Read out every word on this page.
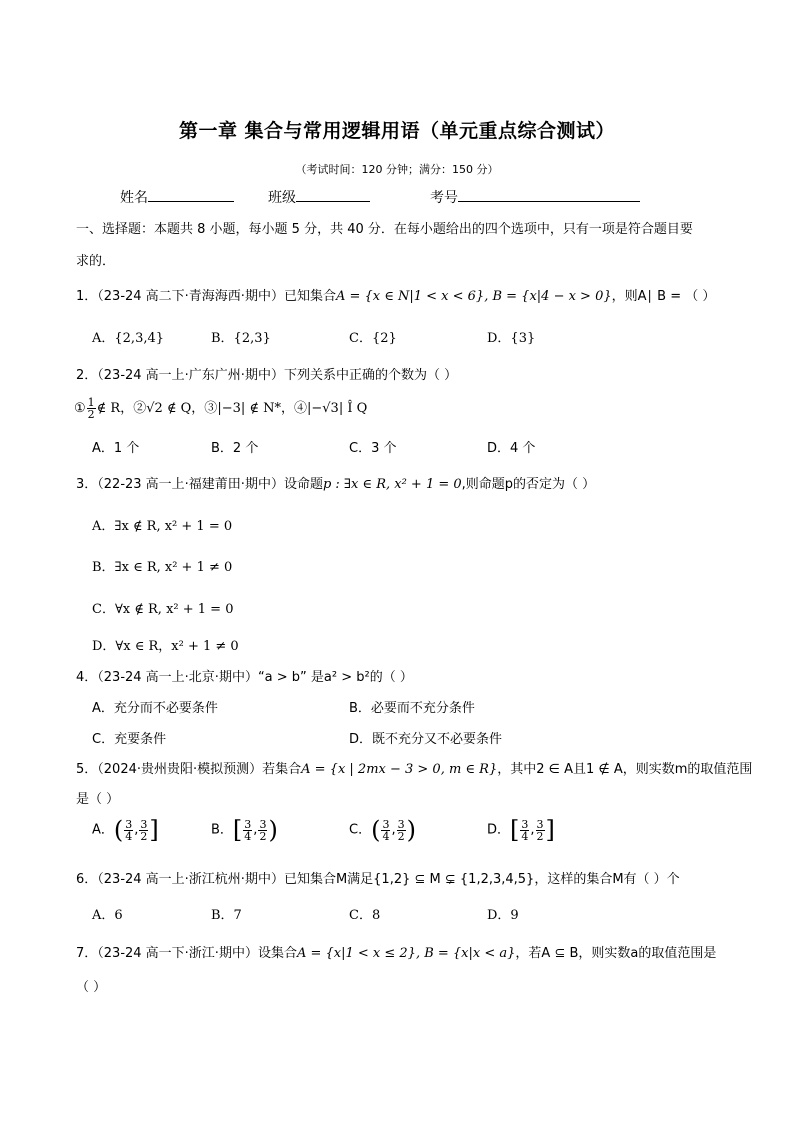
第一章 集合与常用逻辑用语（单元重点综合测试）
（考试时间：120 分钟；满分：150 分）
姓名	班级	考号
一、选择题：本题共 8 小题，每小题 5 分，共 40 分．在每小题给出的四个选项中，只有一项是符合题目要
求的．
1．（23-24 高二下·青海海西·期中）已知集合A = {x ∈ N|1 < x < 6}, B = {x|4 − x > 0}，则A∣ B = （ ）
A．{2,3,4}	B．{2,3}	C．{2}	D．{3}
2．（23-24 高一上·广东广州·期中）下列关系中正确的个数为（ ）
① $\frac{1}{2}$ ∉ R，②√2 ∉ Q，③|−3| ∉ N*，④|−√3| Î Q
A．1 个	B．2 个	C．3 个	D．4 个
3．（22-23 高一上·福建莆田·期中）设命题p : ∃x ∈ R, x² + 1 = 0,则命题p的否定为（ ）
A．∃x ∉ R, x² + 1 = 0
B．∃x ∈ R, x² + 1 ≠ 0
C．∀x ∉ R, x² + 1 = 0
D．∀x ∈ R，x² + 1 ≠ 0
4．（23-24 高一上·北京·期中）“a > b” 是a² > b²的（ ）
A．充分而不必要条件	B．必要而不充分条件
C．充要条件	D．既不充分又不必要条件
5．（2024·贵州贵阳·模拟预测）若集合A = {x | 2mx − 3 > 0, m ∈ R}，其中2 ∈ A且1 ∉ A，则实数m的取值范围
是（ ）
A．( $\frac{3}{4}$ , $\frac{3}{2}$ ]	B．[ $\frac{3}{4}$ , $\frac{3}{2}$ )	C．( $\frac{3}{4}$ , $\frac{3}{2}$ )	D．[ $\frac{3}{4}$ , $\frac{3}{2}$ ]
6．（23-24 高一上·浙江杭州·期中）已知集合M满足{1,2} ⊆ M ⊊ {1,2,3,4,5}，这样的集合M有（ ）个
A．6	B．7	C．8	D．9
7．（23-24 高一下·浙江·期中）设集合A = {x|1 < x ≤ 2}, B = {x|x < a}，若A ⊆ B，则实数a的取值范围是
（ ）
